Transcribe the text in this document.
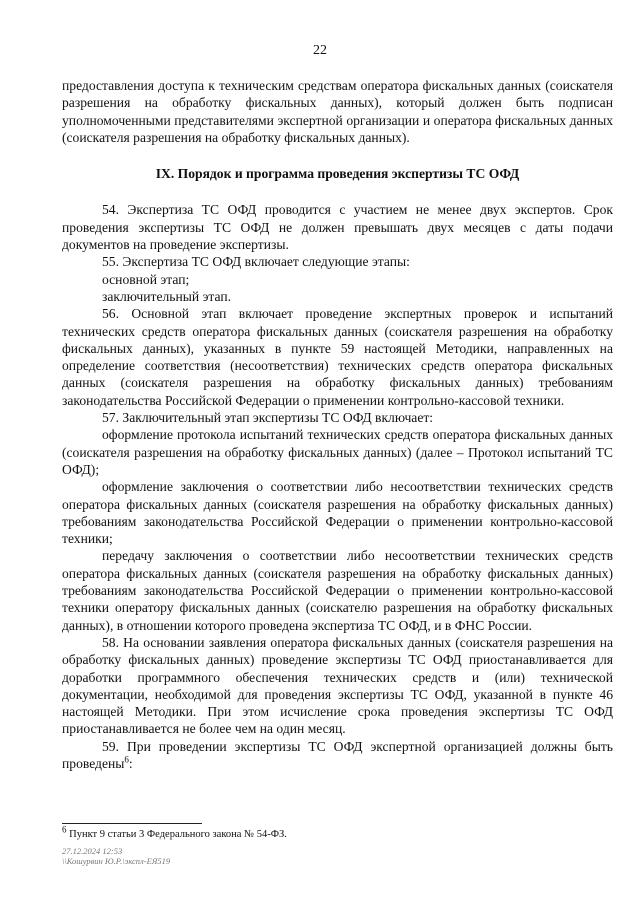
22

предоставления доступа к техническим средствам оператора фискальных данных (соискателя разрешения на обработку фискальных данных), который должен быть подписан уполномоченными представителями экспертной организации и оператора фискальных данных (соискателя разрешения на обработку фискальных данных).

IX. Порядок и программа проведения экспертизы ТС ОФД

54. Экспертиза ТС ОФД проводится с участием не менее двух экспертов. Срок проведения экспертизы ТС ОФД не должен превышать двух месяцев с даты подачи документов на проведение экспертизы.

55. Экспертиза ТС ОФД включает следующие этапы:

основной этап;

заключительный этап.

56. Основной этап включает проведение экспертных проверок и испытаний технических средств оператора фискальных данных (соискателя разрешения на обработку фискальных данных), указанных в пункте 59 настоящей Методики, направленных на определение соответствия (несоответствия) технических средств оператора фискальных данных (соискателя разрешения на обработку фискальных данных) требованиям законодательства Российской Федерации о применении контрольно-кассовой техники.

57. Заключительный этап экспертизы ТС ОФД включает:

оформление протокола испытаний технических средств оператора фискальных данных (соискателя разрешения на обработку фискальных данных) (далее – Протокол испытаний ТС ОФД);

оформление заключения о соответствии либо несоответствии технических средств оператора фискальных данных (соискателя разрешения на обработку фискальных данных) требованиям законодательства Российской Федерации о применении контрольно-кассовой техники;

передачу заключения о соответствии либо несоответствии технических средств оператора фискальных данных (соискателя разрешения на обработку фискальных данных) требованиям законодательства Российской Федерации о применении контрольно-кассовой техники оператору фискальных данных (соискателю разрешения на обработку фискальных данных), в отношении которого проведена экспертиза ТС ОФД, и в ФНС России.

58. На основании заявления оператора фискальных данных (соискателя разрешения на обработку фискальных данных) проведение экспертизы ТС ОФД приостанавливается для доработки программного обеспечения технических средств и (или) технической документации, необходимой для проведения экспертизы ТС ОФД, указанной в пункте 46 настоящей Методики. При этом исчисление срока проведения экспертизы ТС ОФД приостанавливается не более чем на один месяц.

59. При проведении экспертизы ТС ОФД экспертной организацией должны быть проведены$^6$:

$^6$ Пункт 9 статьи 3 Федерального закона № 54-ФЗ.
27.12.2024 12:53
\\Кошурвин Ю.Р.\экспл-ЕЯ519
